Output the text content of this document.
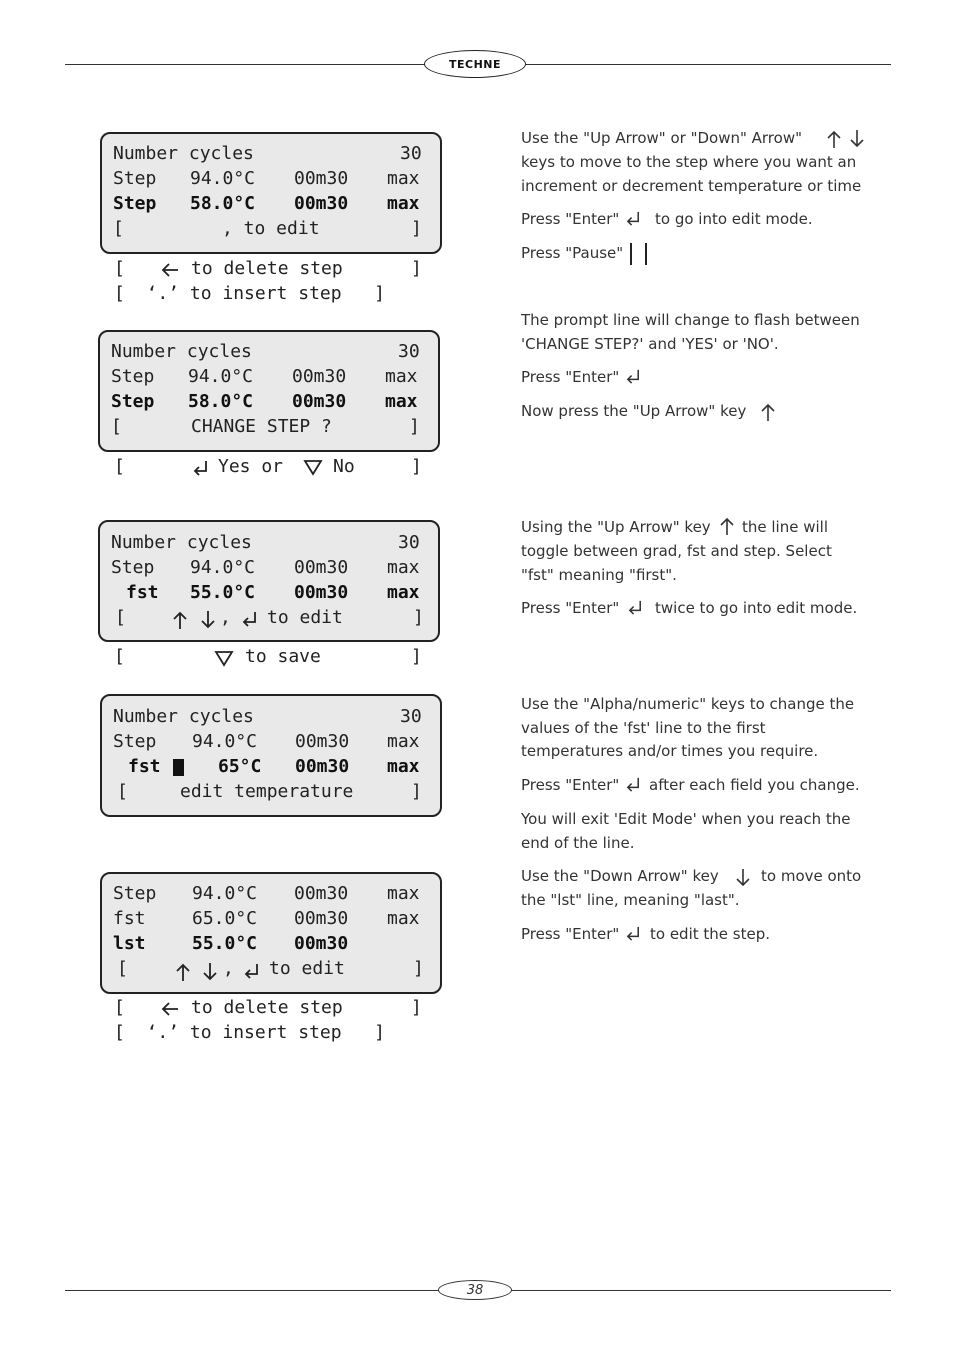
TECHNE
38
Number cycles	30
Step 94.0°C 00m30 max
Step 58.0°C 00m30 max
[	, to edit	]
[	to delete step	]
[  ‘.’ to insert step   ]
Number cycles	30
Step 94.0°C 00m30 max
Step 58.0°C 00m30 max
[	CHANGE STEP ?	]
[	Yes or	No	]
Number cycles	30
Step 94.0°C 00m30 max
fst 55.0°C 00m30 max
[	, to edit	]
[	to save	]
Number cycles	30
Step 94.0°C 00m30 max
fst	65°C 00m30 max
[	edit temperature	]
Step 94.0°C 00m30 max
fst	65.0°C 00m30 max
lst	55.0°C 00m30
[	, to edit	]
[	to delete step	]
[  ‘.’ to insert step   ]
Use the "Up Arrow" or "Down" Arrow"
keys to move to the step where you want an
increment or decrement temperature or time
Press "Enter"	to go into edit mode.
Press "Pause"
The prompt line will change to flash between
'CHANGE STEP?' and 'YES' or 'NO'.
Press "Enter"
Now press the "Up Arrow" key
Using the "Up Arrow" key	the line will
toggle between grad, fst and step. Select
"fst" meaning "first".
Press "Enter"	twice to go into edit mode.
Use the "Alpha/numeric" keys to change the
values of the 'fst' line to the first
temperatures and/or times you require.
Press "Enter"	after each field you change.
You will exit 'Edit Mode' when you reach the
end of the line.
Use the "Down Arrow" key	to move onto
the "lst" line, meaning "last".
Press "Enter"	to edit the step.
